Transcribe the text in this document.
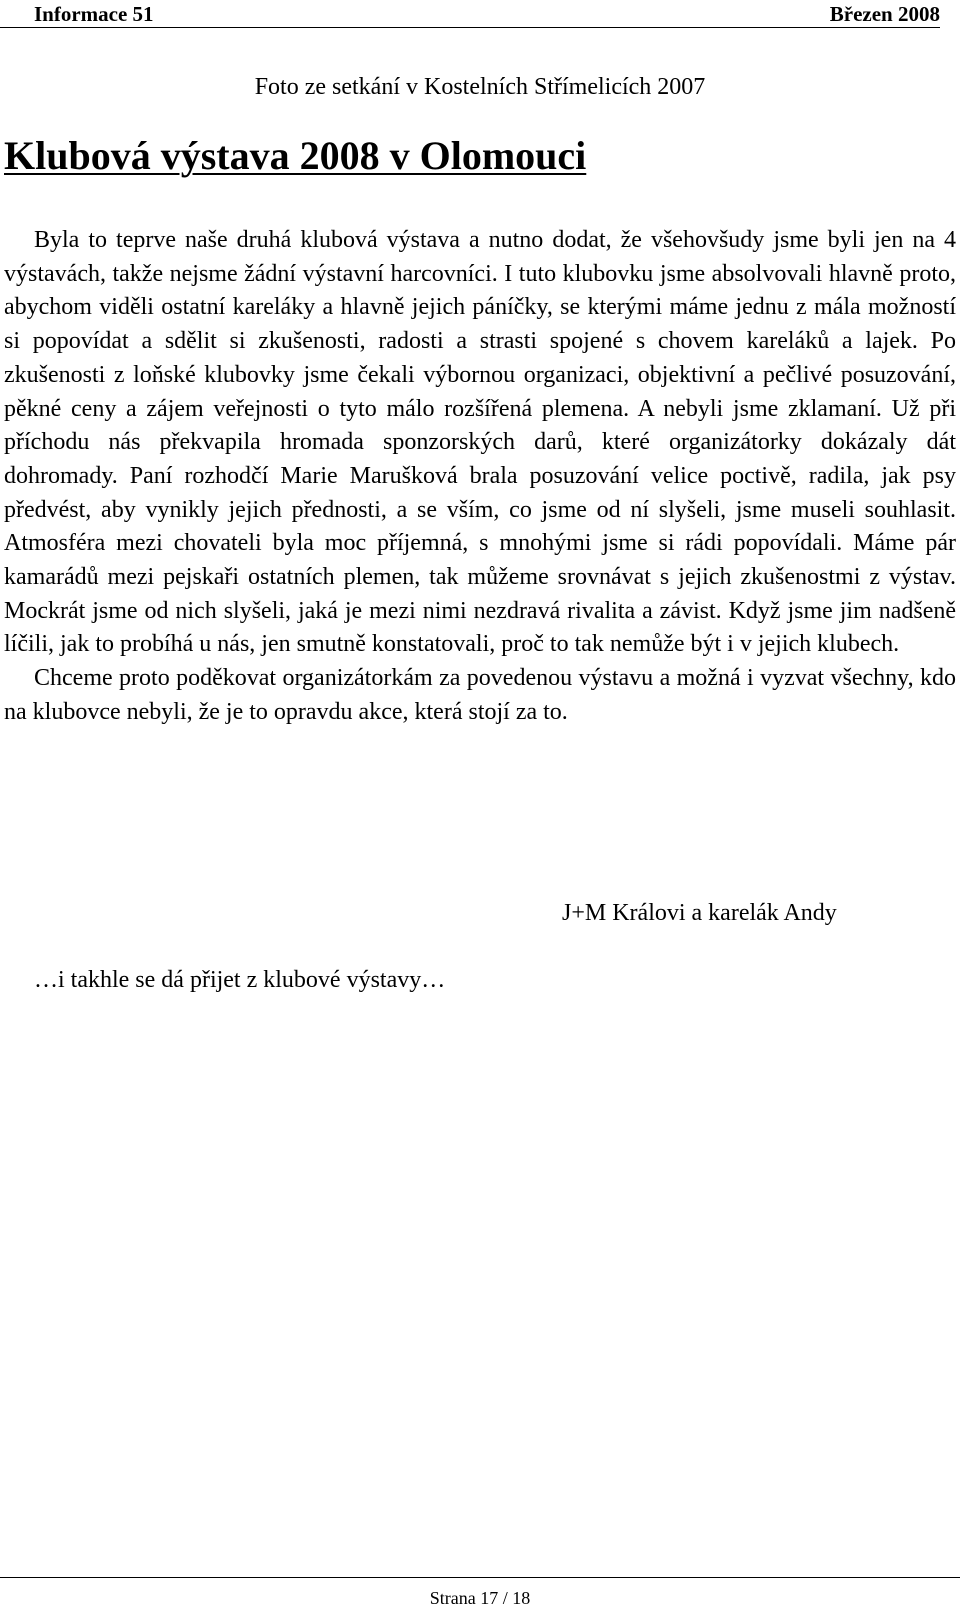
Informace 51	Březen 2008
Foto ze setkání v Kostelních Střímelicích 2007
Klubová výstava 2008 v Olomouci

Byla to teprve naše druhá klubová výstava a nutno dodat, že všehovšudy jsme byli jen na 4 výstavách, takže nejsme žádní výstavní harcovníci. I tuto klubovku jsme absolvovali hlavně proto, abychom viděli ostatní kareláky a hlavně jejich páníčky, se kterými máme jednu z mála možností si popovídat a sdělit si zkušenosti, radosti a strasti spojené s chovem kareláků a lajek. Po zkušenosti z loňské klubovky jsme čekali výbornou organizaci, objektivní a pečlivé posuzování, pěkné ceny a zájem veřejnosti o tyto málo rozšířená plemena. A nebyli jsme zklamaní. Už při příchodu nás překvapila hromada sponzorských darů, které organizátorky dokázaly dát dohromady. Paní rozhodčí Marie Marušková brala posuzování velice poctivě, radila, jak psy předvést, aby vynikly jejich přednosti, a se vším, co jsme od ní slyšeli, jsme museli souhlasit. Atmosféra mezi chovateli byla moc příjemná, s mnohými jsme si rádi popovídali. Máme pár kamarádů mezi pejskaři ostatních plemen, tak můžeme srovnávat s jejich zkušenostmi z výstav. Mockrát jsme od nich slyšeli, jaká je mezi nimi nezdravá rivalita a závist. Když jsme jim nadšeně líčili, jak to probíhá u nás, jen smutně konstatovali, proč to tak nemůže být i v jejich klubech.

Chceme proto poděkovat organizátorkám za povedenou výstavu a možná i vyzvat všechny, kdo na klubovce nebyli, že je to opravdu akce, která stojí za to.

J+M Královi a karelák Andy
…i takhle se dá přijet z klubové výstavy…
Strana 17 / 18
